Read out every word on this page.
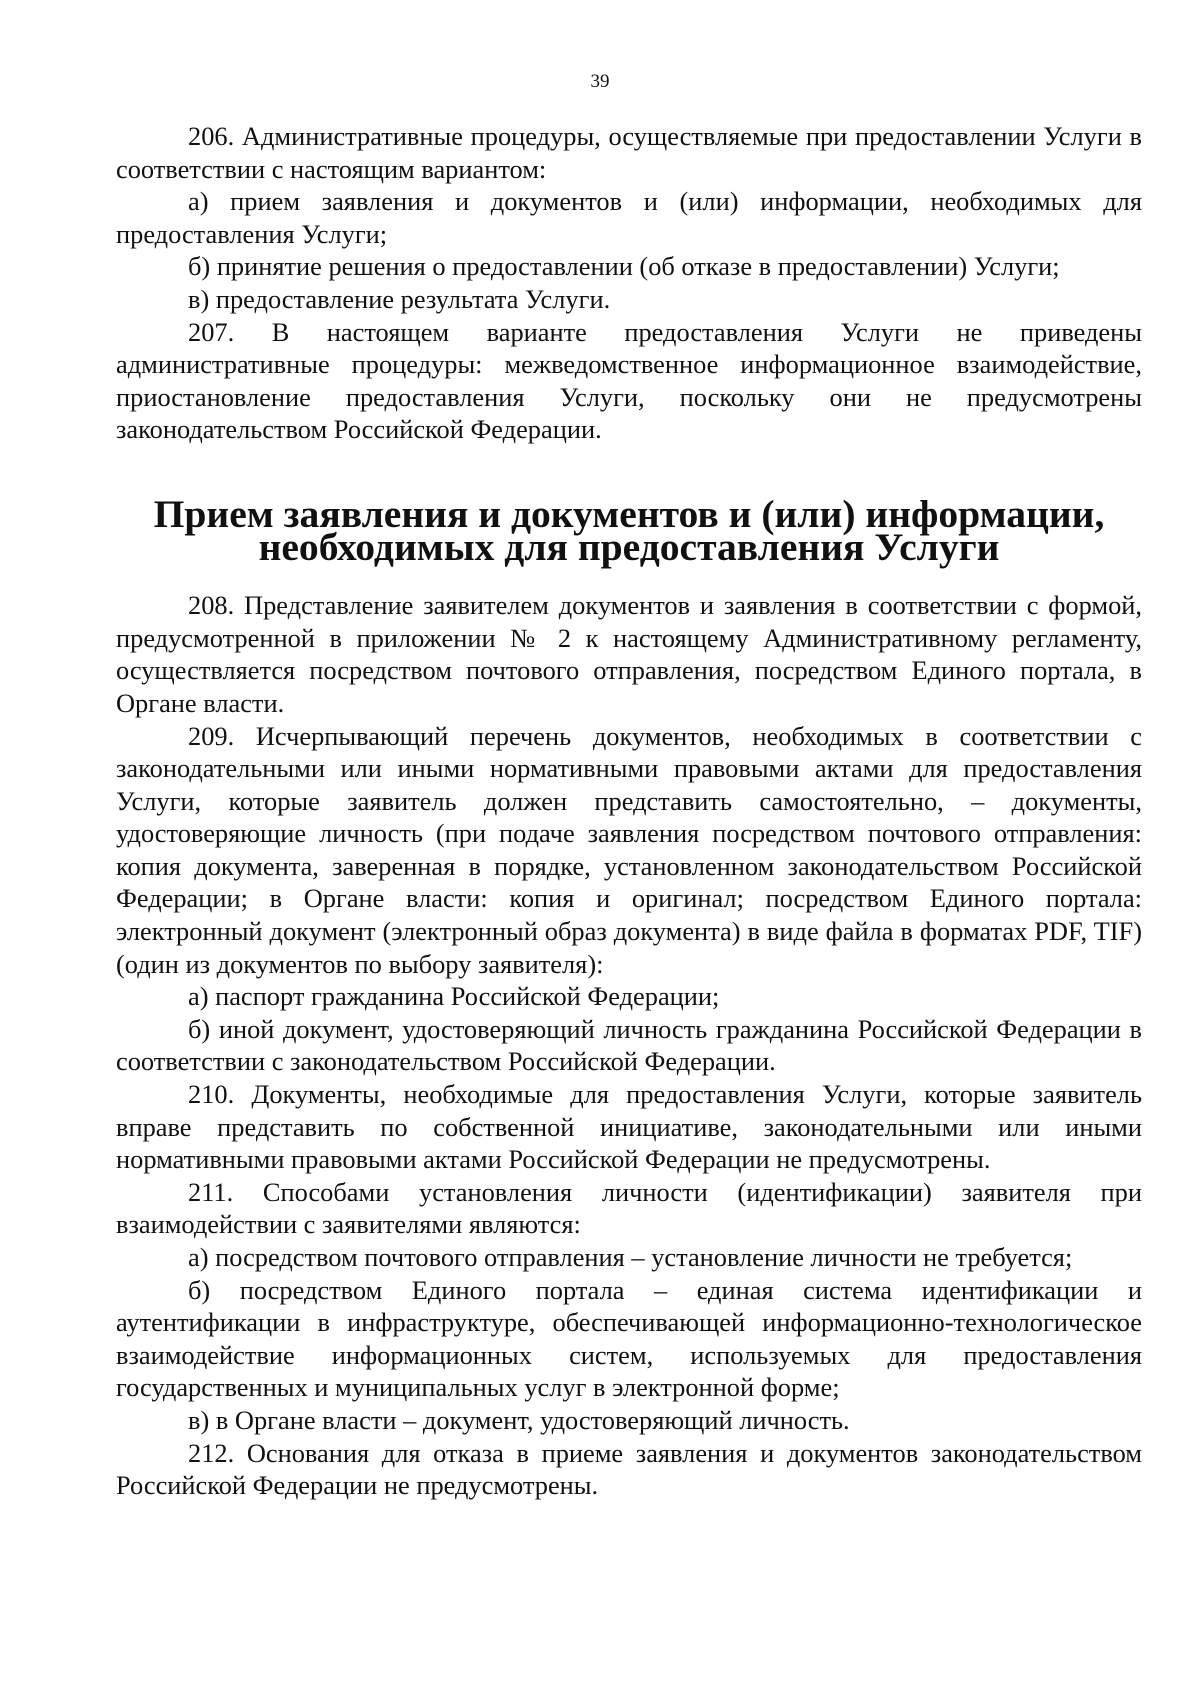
39

206. Административные процедуры, осуществляемые при предоставлении Услуги в соответствии с настоящим вариантом:

а) прием заявления и документов и (или) информации, необходимых для предоставления Услуги;

б) принятие решения о предоставлении (об отказе в предоставлении) Услуги;

в) предоставление результата Услуги.

207. В настоящем варианте предоставления Услуги не приведены административные процедуры: межведомственное информационное взаимодействие, приостановление предоставления Услуги, поскольку они не предусмотрены законодательством Российской Федерации.

Прием заявления и документов и (или) информации, необходимых для предоставления Услуги

208. Представление заявителем документов и заявления в соответствии с формой, предусмотренной в приложении № 2 к настоящему Административному регламенту, осуществляется посредством почтового отправления, посредством Единого портала, в Органе власти.

209. Исчерпывающий перечень документов, необходимых в соответствии с законодательными или иными нормативными правовыми актами для предоставления Услуги, которые заявитель должен представить самостоятельно, – документы, удостоверяющие личность (при подаче заявления посредством почтового отправления: копия документа, заверенная в порядке, установленном законодательством Российской Федерации; в Органе власти: копия и оригинал; посредством Единого портала: электронный документ (электронный образ документа) в виде файла в форматах PDF, TIF) (один из документов по выбору заявителя):

а) паспорт гражданина Российской Федерации;

б) иной документ, удостоверяющий личность гражданина Российской Федерации в соответствии с законодательством Российской Федерации.

210. Документы, необходимые для предоставления Услуги, которые заявитель вправе представить по собственной инициативе, законодательными или иными нормативными правовыми актами Российской Федерации не предусмотрены.

211. Способами установления личности (идентификации) заявителя при взаимодействии с заявителями являются:

а) посредством почтового отправления – установление личности не требуется;

б) посредством Единого портала – единая система идентификации и аутентификации в инфраструктуре, обеспечивающей информационно-технологическое взаимодействие информационных систем, используемых для предоставления государственных и муниципальных услуг в электронной форме;

в) в Органе власти – документ, удостоверяющий личность.

212. Основания для отказа в приеме заявления и документов законодательством Российской Федерации не предусмотрены.
